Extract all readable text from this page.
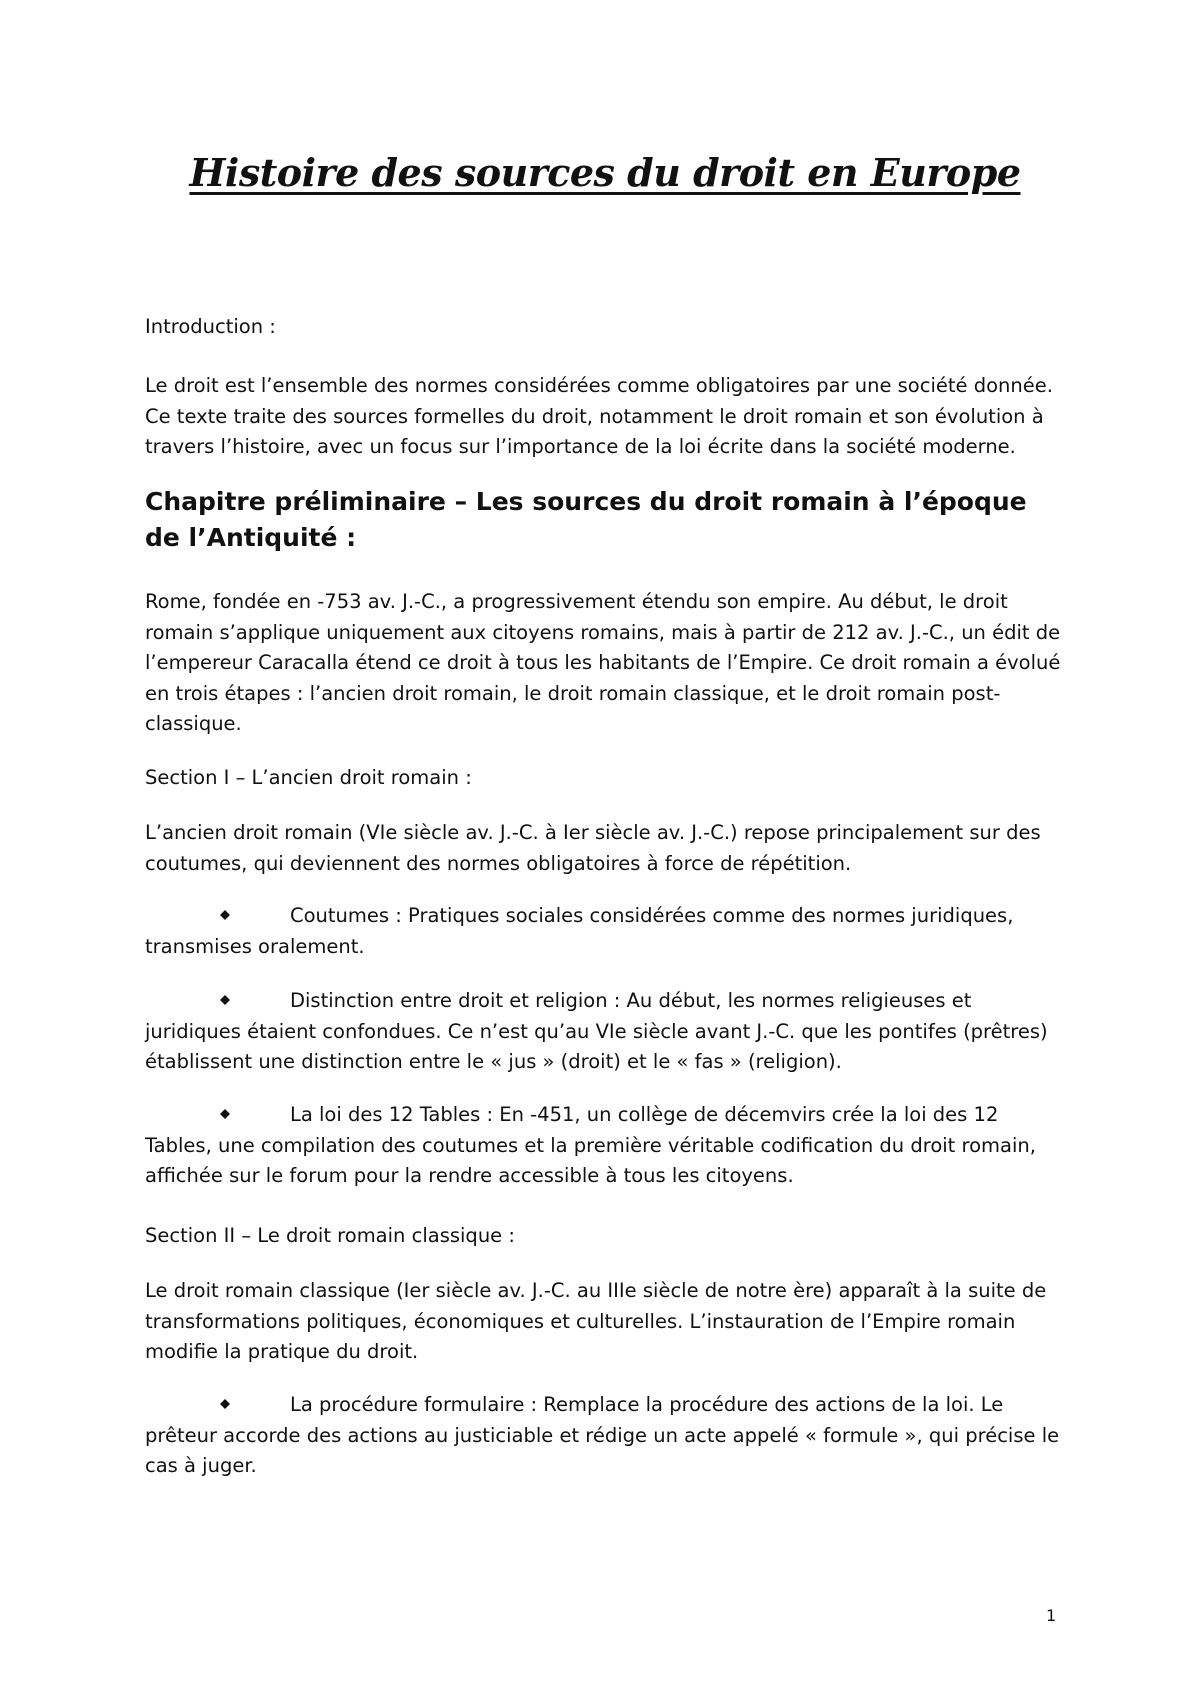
Histoire des sources du droit en Europe

Introduction :

Le droit est l’ensemble des normes considérées comme obligatoires par une société donnée. Ce texte traite des sources formelles du droit, notamment le droit romain et son évolution à travers l’histoire, avec un focus sur l’importance de la loi écrite dans la société moderne.

Chapitre préliminaire – Les sources du droit romain à l’époque de l’Antiquité :

Rome, fondée en -753 av. J.-C., a progressivement étendu son empire. Au début, le droit romain s’applique uniquement aux citoyens romains, mais à partir de 212 av. J.-C., un édit de l’empereur Caracalla étend ce droit à tous les habitants de l’Empire. Ce droit romain a évolué en trois étapes : l’ancien droit romain, le droit romain classique, et le droit romain post-classique.

Section I – L’ancien droit romain :

L’ancien droit romain (VIe siècle av. J.-C. à Ier siècle av. J.-C.) repose principalement sur des coutumes, qui deviennent des normes obligatoires à force de répétition.

Coutumes : Pratiques sociales considérées comme des normes juridiques,
transmises oralement.

Distinction entre droit et religion : Au début, les normes religieuses et
juridiques étaient confondues. Ce n’est qu’au VIe siècle avant J.-C. que les pontifes (prêtres) établissent une distinction entre le « jus » (droit) et le « fas » (religion).

La loi des 12 Tables : En -451, un collège de décemvirs crée la loi des 12
Tables, une compilation des coutumes et la première véritable codification du droit romain, affichée sur le forum pour la rendre accessible à tous les citoyens.

Section II – Le droit romain classique :

Le droit romain classique (Ier siècle av. J.-C. au IIIe siècle de notre ère) apparaît à la suite de transformations politiques, économiques et culturelles. L’instauration de l’Empire romain modifie la pratique du droit.

La procédure formulaire : Remplace la procédure des actions de la loi. Le
prêteur accorde des actions au justiciable et rédige un acte appelé « formule », qui précise le cas à juger.

1
